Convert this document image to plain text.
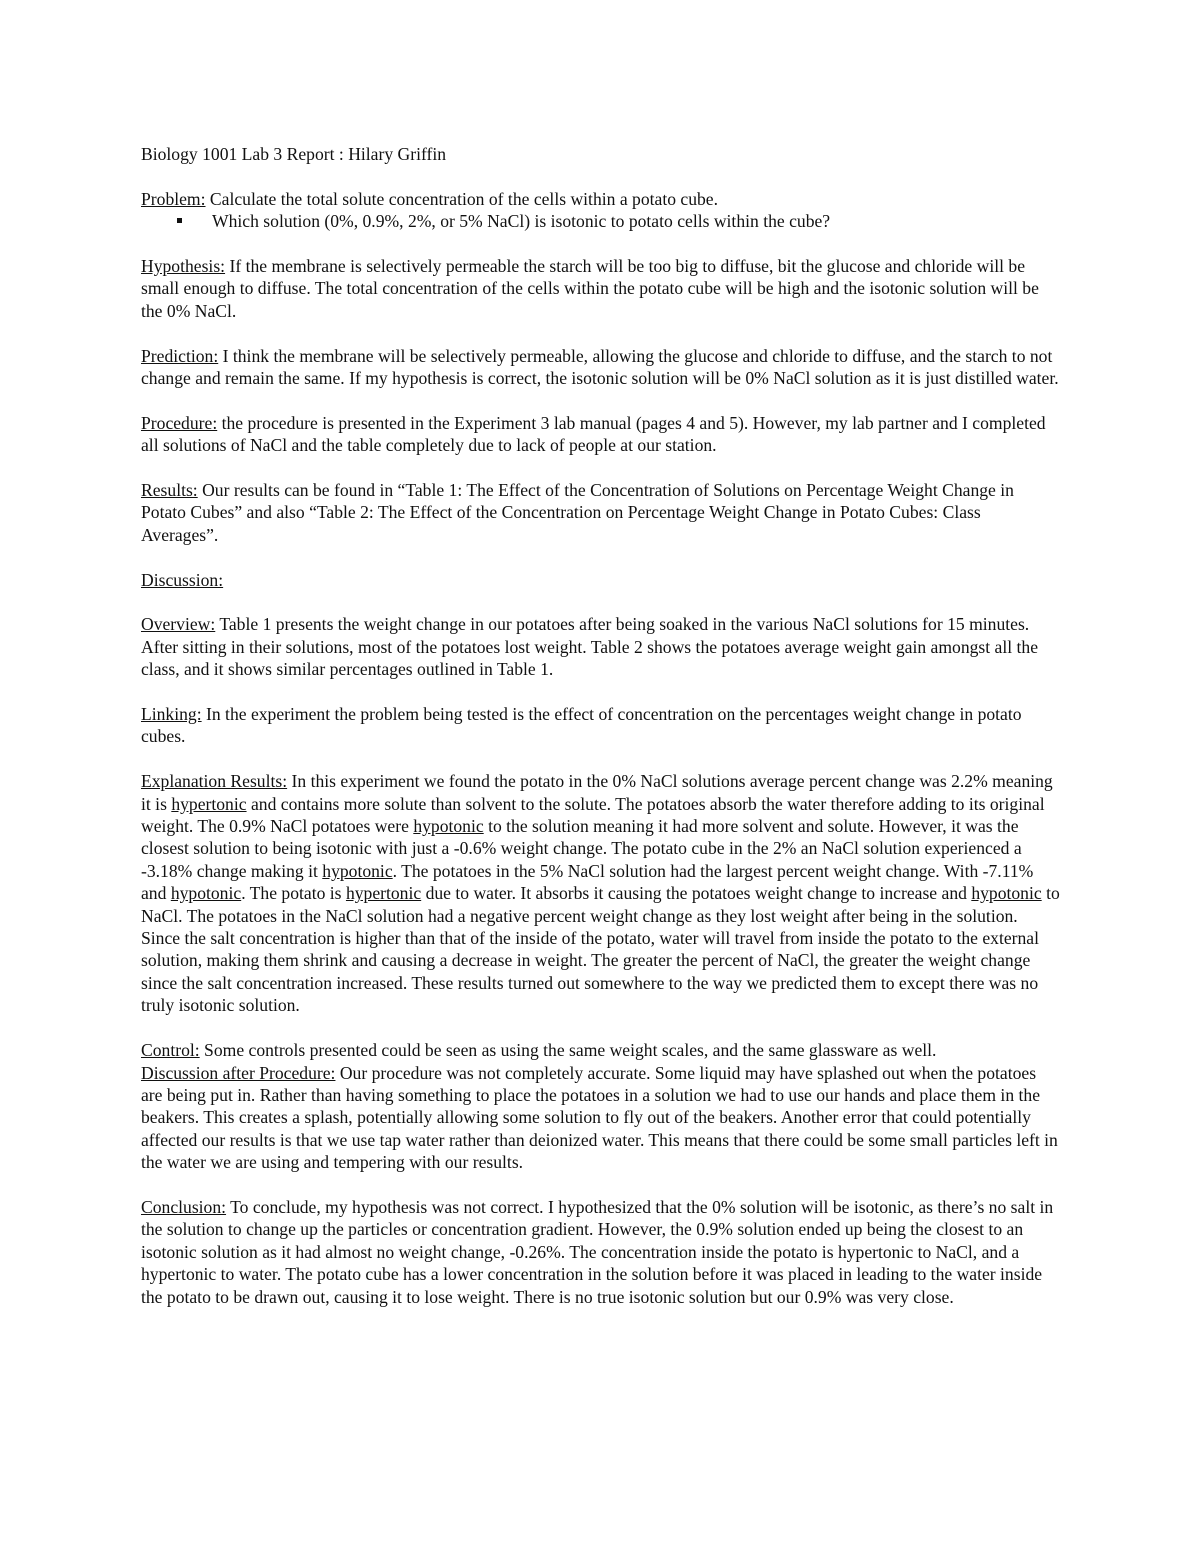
Biology 1001 Lab 3 Report : Hilary Griffin

Problem: Calculate the total solute concentration of the cells within a potato cube.

Which solution (0%, 0.9%, 2%, or 5% NaCl) is isotonic to potato cells within the cube?

Hypothesis: If the membrane is selectively permeable the starch will be too big to diffuse, bit the glucose and chloride will be small enough to diffuse. The total concentration of the cells within the potato cube will be high and the isotonic solution will be the 0% NaCl.

Prediction: I think the membrane will be selectively permeable, allowing the glucose and chloride to diffuse, and the starch to not change and remain the same. If my hypothesis is correct, the isotonic solution will be 0% NaCl solution as it is just distilled water.

Procedure: the procedure is presented in the Experiment 3 lab manual (pages 4 and 5). However, my lab partner and I completed all solutions of NaCl and the table completely due to lack of people at our station.

Results: Our results can be found in “Table 1: The Effect of the Concentration of Solutions on Percentage Weight Change in Potato Cubes” and also “Table 2: The Effect of the Concentration on Percentage Weight Change in Potato Cubes: Class Averages”.

Discussion:

Overview: Table 1 presents the weight change in our potatoes after being soaked in the various NaCl solutions for 15 minutes. After sitting in their solutions, most of the potatoes lost weight. Table 2 shows the potatoes average weight gain amongst all the class, and it shows similar percentages outlined in Table 1.

Linking: In the experiment the problem being tested is the effect of concentration on the percentages weight change in potato cubes.

Explanation Results: In this experiment we found the potato in the 0% NaCl solutions average percent change was 2.2% meaning it is hypertonic and contains more solute than solvent to the solute. The potatoes absorb the water therefore adding to its original weight. The 0.9% NaCl potatoes were hypotonic to the solution meaning it had more solvent and solute. However, it was the closest solution to being isotonic with just a -0.6% weight change. The potato cube in the 2% an NaCl solution experienced a -3.18% change making it hypotonic. The potatoes in the 5% NaCl solution had the largest percent weight change. With -7.11% and hypotonic. The potato is hypertonic due to water. It absorbs it causing the potatoes weight change to increase and hypotonic to NaCl. The potatoes in the NaCl solution had a negative percent weight change as they lost weight after being in the solution. Since the salt concentration is higher than that of the inside of the potato, water will travel from inside the potato to the external solution, making them shrink and causing a decrease in weight. The greater the percent of NaCl, the greater the weight change since the salt concentration increased. These results turned out somewhere to the way we predicted them to except there was no truly isotonic solution.

Control: Some controls presented could be seen as using the same weight scales, and the same glassware as well.

Discussion after Procedure: Our procedure was not completely accurate. Some liquid may have splashed out when the potatoes are being put in. Rather than having something to place the potatoes in a solution we had to use our hands and place them in the beakers. This creates a splash, potentially allowing some solution to fly out of the beakers. Another error that could potentially affected our results is that we use tap water rather than deionized water. This means that there could be some small particles left in the water we are using and tempering with our results.

Conclusion: To conclude, my hypothesis was not correct. I hypothesized that the 0% solution will be isotonic, as there’s no salt in the solution to change up the particles or concentration gradient. However, the 0.9% solution ended up being the closest to an isotonic solution as it had almost no weight change, -0.26%. The concentration inside the potato is hypertonic to NaCl, and a hypertonic to water. The potato cube has a lower concentration in the solution before it was placed in leading to the water inside the potato to be drawn out, causing it to lose weight. There is no true isotonic solution but our 0.9% was very close.
